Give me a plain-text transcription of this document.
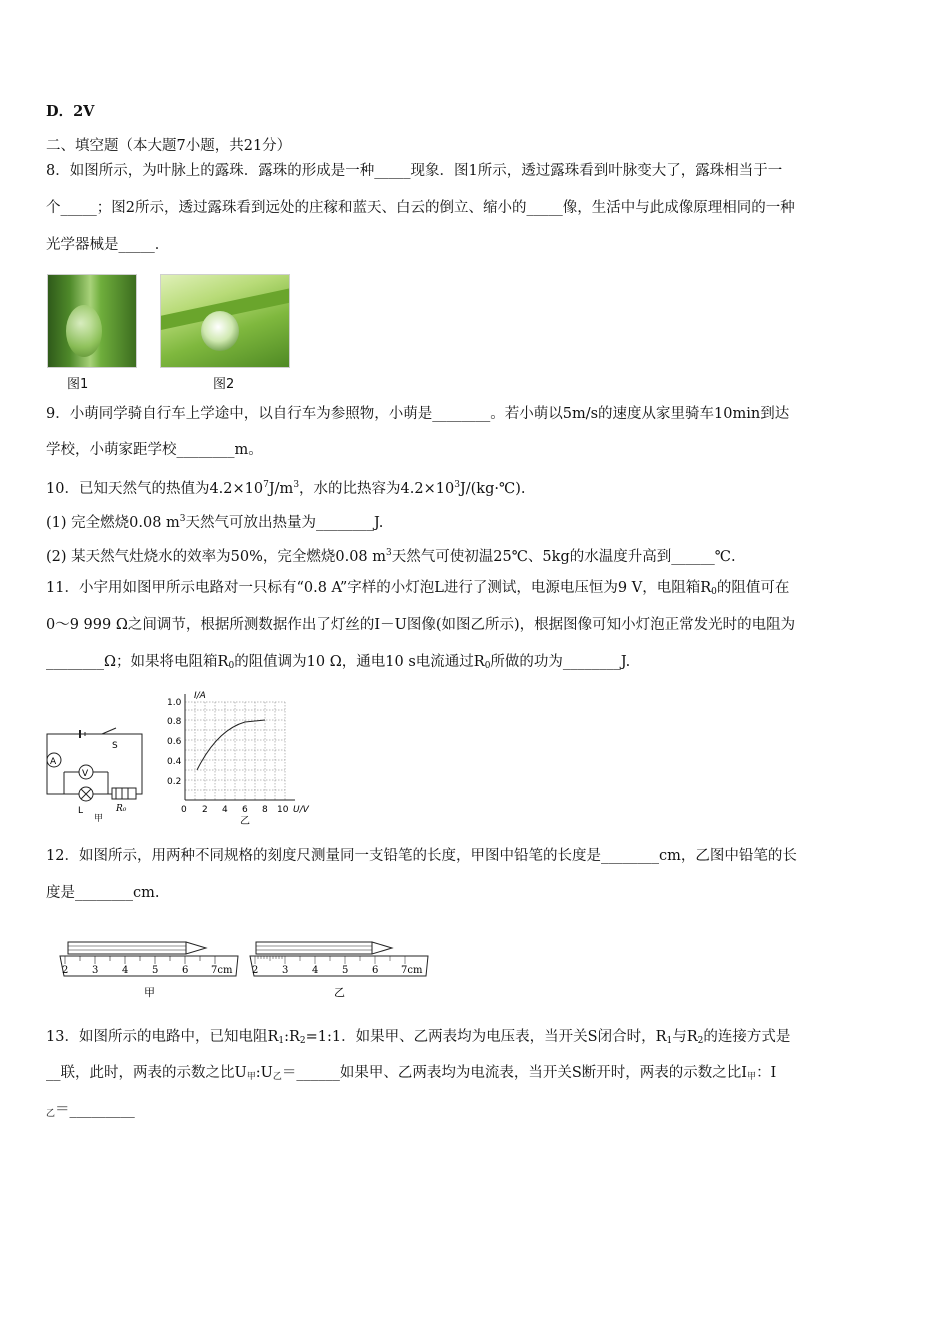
D．2V
二、填空题（本大题7小题，共21分）
8．如图所示，为叶脉上的露珠．露珠的形成是一种_____现象．图1所示，透过露珠看到叶脉变大了，露珠相当于一
个_____；图2所示，透过露珠看到远处的庄稼和蓝天、白云的倒立、缩小的_____像，生活中与此成像原理相同的一种
光学器械是_____．
图1	图2
9．小萌同学骑自行车上学途中，以自行车为参照物，小萌是________。若小萌以5m/s的速度从家里骑车10min到达
学校，小萌家距学校________m。
10．已知天然气的热值为$4.2\times 10^7J/m^3$，水的比热容为$4.2\times 10^3J/(kg\cdot℃)$.
(1) 完全燃烧0.08 $m^3$天然气可放出热量为________J.
(2) 某天然气灶烧水的效率为50%，完全燃烧0.08 $m^3$天然气可使初温25℃、5kg的水温度升高到______℃.
11．小宇用如图甲所示电路对一只标有“0.8 A”字样的小灯泡L进行了测试，电源电压恒为9 V，电阻箱$R_0$的阻值可在
0～9 999 Ω之间调节，根据所测数据作出了灯丝的I－U图像(如图乙所示)，根据图像可知小灯泡正常发光时的电阻为
________Ω；如果将电阻箱$R_0$的阻值调为10 Ω，通电10 s电流通过$R_0$所做的功为________J.
A
V
S
L	R₀
甲
I/A
U/V
1.0
0.8
0.6
0.4
0.2
0 2 4 6 8 10
乙
12．如图所示，用两种不同规格的刻度尺测量同一支铅笔的长度，甲图中铅笔的长度是________cm，乙图中铅笔的长
度是________cm.
2 3 4 5 6 7cm
甲
2 3 4 5 6 7cm
乙
13．如图所示的电路中，已知电阻$R_1:R_2=1:1$．如果甲、乙两表均为电压表，当开关S闭合时，$R_1$与$R_2$的连接方式是
__联，此时，两表的示数之比$U_甲:U_乙=\_\_\_\_\_\_$如果甲、乙两表均为电流表，当开关S断开时，两表的示数之比$I_甲$：I
$_乙$＝_________
